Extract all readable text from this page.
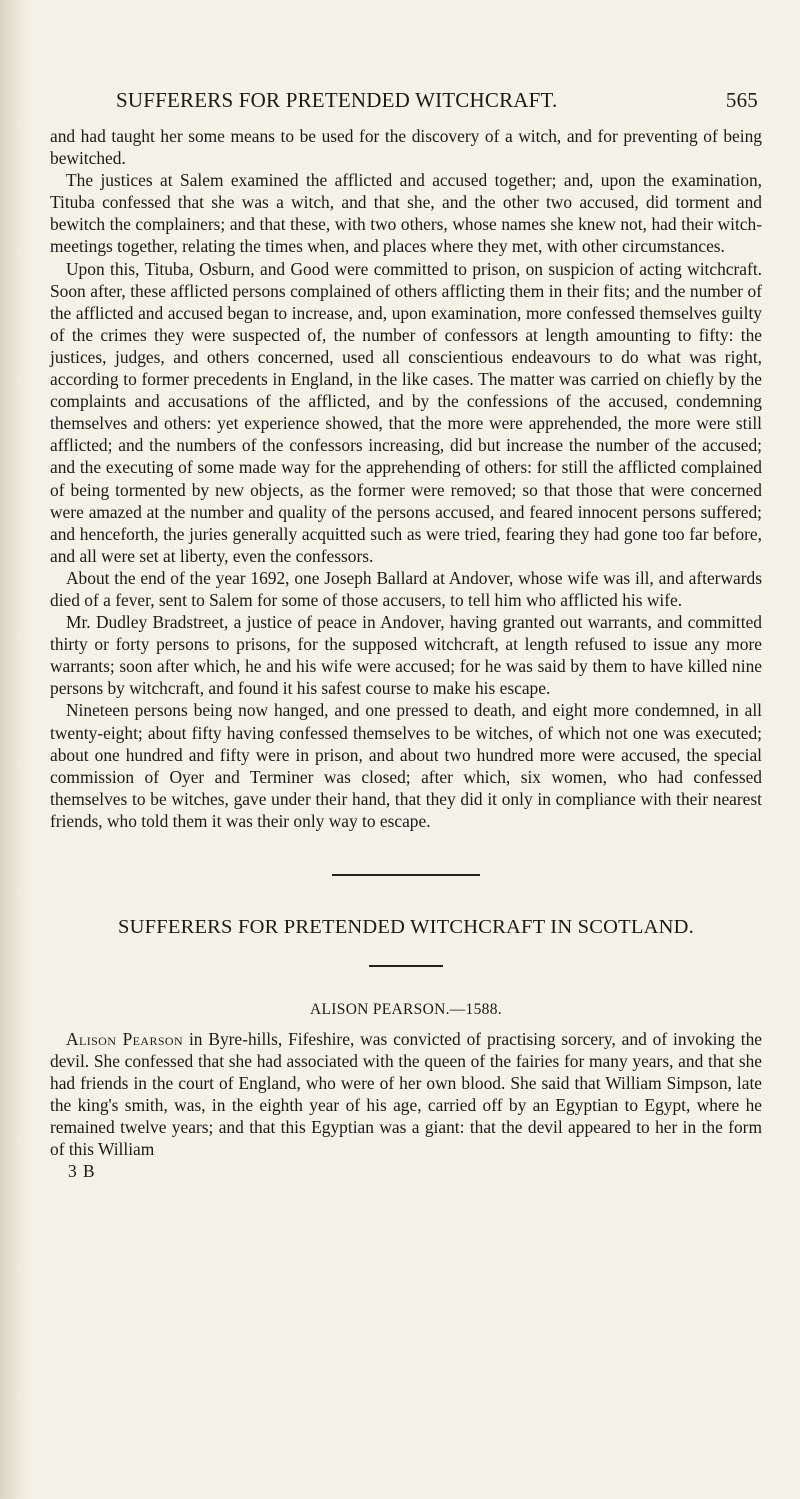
SUFFERERS FOR PRETENDED WITCHCRAFT.	565

and had taught her some means to be used for the discovery of a witch, and for preventing of being bewitched.

The justices at Salem examined the afflicted and accused together; and, upon the examination, Tituba confessed that she was a witch, and that she, and the other two accused, did torment and bewitch the complainers; and that these, with two others, whose names she knew not, had their witch-meetings together, relating the times when, and places where they met, with other circumstances.

Upon this, Tituba, Osburn, and Good were committed to prison, on suspicion of acting witchcraft. Soon after, these afflicted persons complained of others afflicting them in their fits; and the number of the afflicted and accused began to increase, and, upon examination, more confessed themselves guilty of the crimes they were suspected of, the number of confessors at length amounting to fifty: the justices, judges, and others concerned, used all conscientious endeavours to do what was right, according to former precedents in England, in the like cases. The matter was carried on chiefly by the complaints and accusations of the afflicted, and by the confessions of the accused, condemning themselves and others: yet experience showed, that the more were apprehended, the more were still afflicted; and the numbers of the confessors increasing, did but increase the number of the accused; and the executing of some made way for the apprehending of others: for still the afflicted complained of being tormented by new objects, as the former were removed; so that those that were concerned were amazed at the number and quality of the persons accused, and feared innocent persons suffered; and henceforth, the juries generally acquitted such as were tried, fearing they had gone too far before, and all were set at liberty, even the confessors.

About the end of the year 1692, one Joseph Ballard at Andover, whose wife was ill, and afterwards died of a fever, sent to Salem for some of those accusers, to tell him who afflicted his wife.

Mr. Dudley Bradstreet, a justice of peace in Andover, having granted out warrants, and committed thirty or forty persons to prisons, for the supposed witchcraft, at length refused to issue any more warrants; soon after which, he and his wife were accused; for he was said by them to have killed nine persons by witchcraft, and found it his safest course to make his escape.

Nineteen persons being now hanged, and one pressed to death, and eight more condemned, in all twenty-eight; about fifty having confessed themselves to be witches, of which not one was executed; about one hundred and fifty were in prison, and about two hundred more were accused, the special commission of Oyer and Terminer was closed; after which, six women, who had confessed themselves to be witches, gave under their hand, that they did it only in compliance with their nearest friends, who told them it was their only way to escape.

SUFFERERS FOR PRETENDED WITCHCRAFT IN SCOTLAND.
ALISON PEARSON.—1588.

Alison Pearson in Byre-hills, Fifeshire, was convicted of practising sorcery, and of invoking the devil. She confessed that she had associated with the queen of the fairies for many years, and that she had friends in the court of England, who were of her own blood. She said that William Simpson, late the king's smith, was, in the eighth year of his age, carried off by an Egyptian to Egypt, where he remained twelve years; and that this Egyptian was a giant: that the devil appeared to her in the form of this William

3 B
